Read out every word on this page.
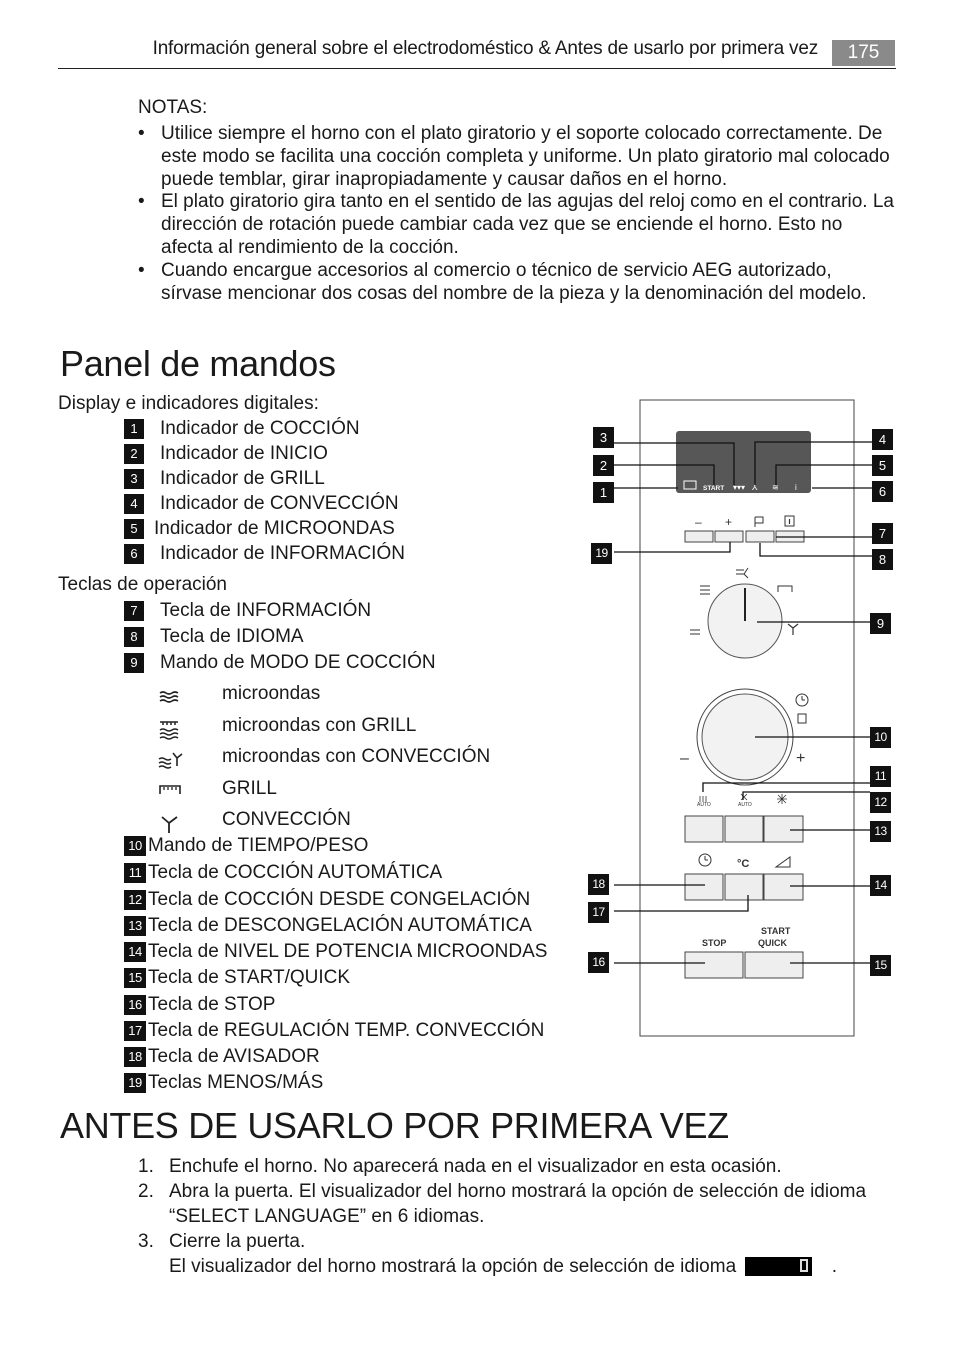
Información general sobre el electrodoméstico & Antes de usarlo por primera vez	175
NOTAS:
• Utilice siempre el horno con el plato giratorio y el soporte colocado correctamente. De este modo se facilita una cocción completa y uniforme. Un plato giratorio mal colocado puede temblar, girar inapropiadamente y causar daños en el horno.
• El plato giratorio gira tanto en el sentido de las agujas del reloj como en el contrario. La dirección de rotación puede cambiar cada vez que se enciende el horno. Esto no afecta al rendimiento de la cocción.
• Cuando encargue accesorios al comercio o técnico de servicio AEG autorizado, sírvase mencionar dos cosas del nombre de la pieza y la denominación del modelo.
Panel de mandos
Display e indicadores digitales:
1 Indicador de COCCIÓN
2 Indicador de INICIO
3 Indicador de GRILL
4 Indicador de CONVECCIÓN
5 Indicador de MICROONDAS
6 Indicador de INFORMACIÓN
Teclas de operación
7 Tecla de INFORMACIÓN
8 Tecla de IDIOMA
9 Mando de MODO DE COCCIÓN
microondas
microondas con GRILL
microondas con CONVECCIÓN
GRILL
CONVECCIÓN
10 Mando de TIEMPO/PESO
11 Tecla de COCCIÓN AUTOMÁTICA
12 Tecla de COCCIÓN DESDE CONGELACIÓN
13 Tecla de DESCONGELACIÓN AUTOMÁTICA
14 Tecla de NIVEL DE POTENCIA MICROONDAS
15 Tecla de START/QUICK
16 Tecla de STOP
17 Tecla de REGULACIÓN TEMP. CONVECCIÓN
18 Tecla de AVISADOR
19 Teclas MENOS/MÁS
START ▾▾▾ ⅄ ≋ i
– +
–	+
AUTO	AUTO
°C
STOP
START
QUICK
3
2
1
4
5
6
7
8
19
9
10
11
12
13
14
18
17
16	15
ANTES DE USARLO POR PRIMERA VEZ
1. Enchufe el horno. No aparecerá nada en el visualizador en esta ocasión.
2. Abra la puerta. El visualizador del horno mostrará la opción de selección de idioma “SELECT LANGUAGE” en 6 idiomas.
3. Cierre la puerta.
El visualizador del horno mostrará la opción de selección de idioma	.
